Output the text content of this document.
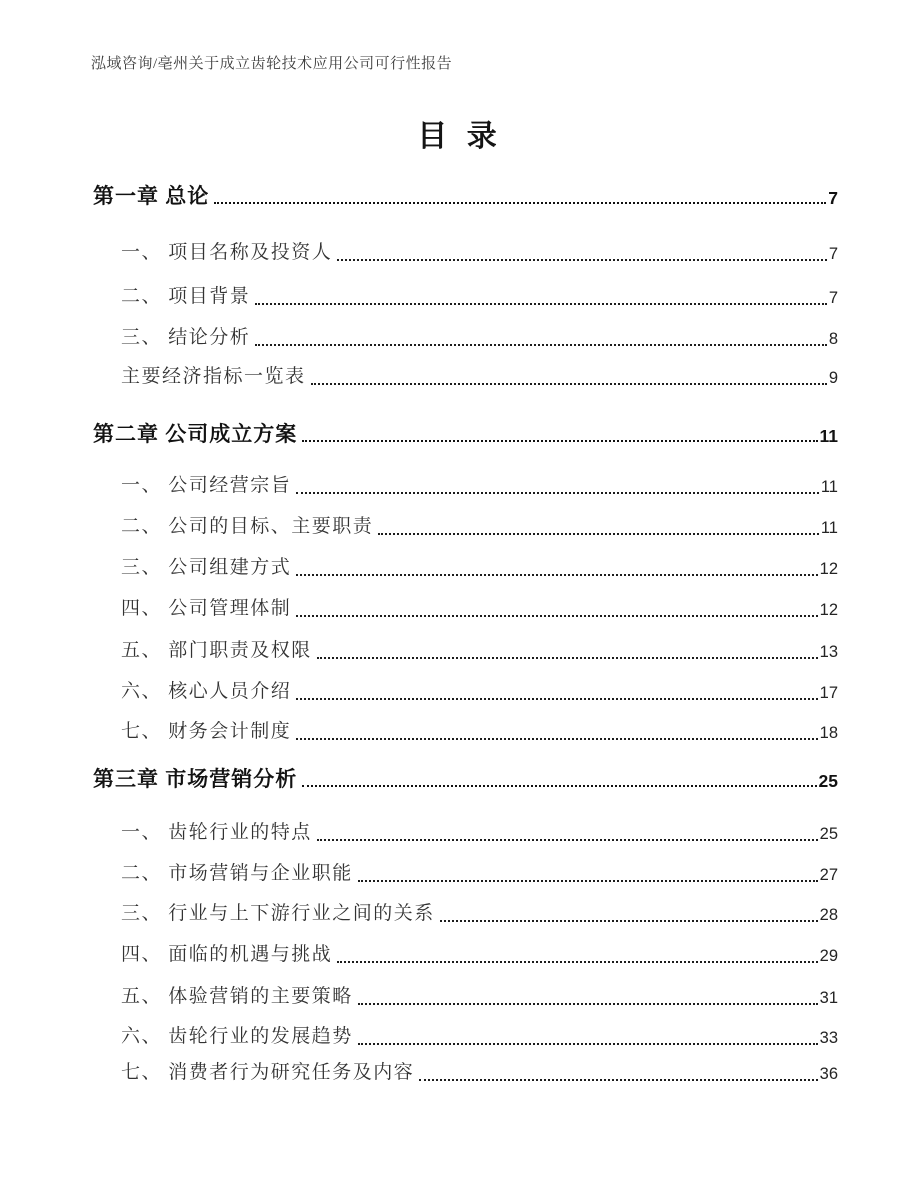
泓域咨询/亳州关于成立齿轮技术应用公司可行性报告
目 录
第一章 总论	7
一、 项目名称及投资人	7
二、 项目背景	7
三、 结论分析	8
主要经济指标一览表	9
第二章 公司成立方案	11
一、 公司经营宗旨	11
二、 公司的目标、主要职责	11
三、 公司组建方式	12
四、 公司管理体制	12
五、 部门职责及权限	13
六、 核心人员介绍	17
七、 财务会计制度	18
第三章 市场营销分析	25
一、 齿轮行业的特点	25
二、 市场营销与企业职能	27
三、 行业与上下游行业之间的关系	28
四、 面临的机遇与挑战	29
五、 体验营销的主要策略	31
六、 齿轮行业的发展趋势	33
七、 消费者行为研究任务及内容	36
